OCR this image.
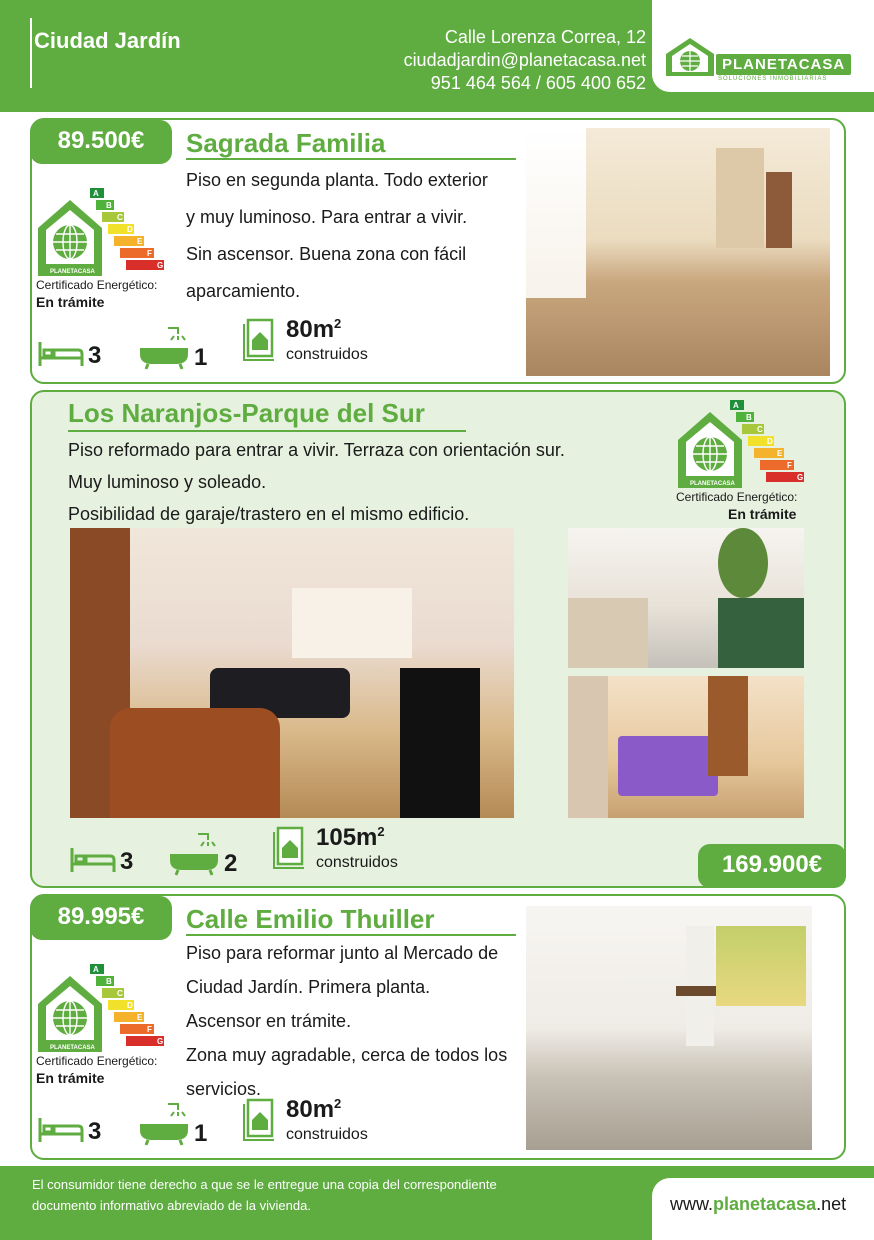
Ciudad Jardín	Calle Lorenza Correa, 12
ciudadjardin@planetacasa.net
951 464 564 / 605 400 652
PLANETACASA
SOLUCIONES INMOBILIARIAS
89.500€	Sagrada Familia
Piso en segunda planta. Todo exterior
y muy luminoso. Para entrar a vivir.
Sin ascensor. Buena zona con fácil
aparcamiento.
A
B
C
D
E
F
G
PLANETACASA
Certificado Energético:
En trámite
3	1
$80m^2$
construidos
Los Naranjos-Parque del Sur
Piso reformado para entrar a vivir. Terraza con orientación sur.
Muy luminoso y soleado.
Posibilidad de garaje/trastero en el mismo edificio.
A
B
C
D
E
F
G
PLANETACASA
Certificado Energético:
En trámite
3	2
$105m^2$
construidos	169.900€
89.995€	Calle Emilio Thuiller
Piso para reformar junto al Mercado de
Ciudad Jardín. Primera planta.
Ascensor en trámite.
Zona muy agradable, cerca de todos los
servicios.
A
B
C
D
E
F
G
PLANETACASA
Certificado Energético:
En trámite
3	1
$80m^2$
construidos
El consumidor tiene derecho a que se le entregue una copia del correspondiente documento informativo abreviado de la vivienda.	www.planetacasa.net
